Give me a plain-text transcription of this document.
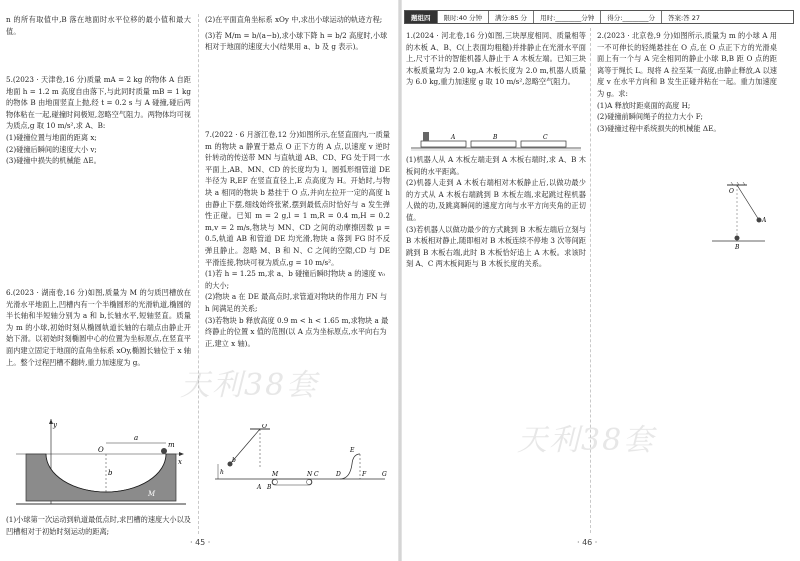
n 的所有取值中,B 落在地面时水平位移的最小值和最大值。

5.(2023 · 天津卷,16 分)质量 mA = 2 kg 的物体 A 自距地面 h = 1.2 m 高度自由落下,与此同时质量 mB = 1 kg 的物体 B 由地面竖直上抛,经 t = 0.2 s 与 A 碰撞,碰后两物体粘在一起,碰撞时间极短,忽略空气阻力。两物体均可视为质点,g 取 10 m/s²,求 A、B:

(1)碰撞位置与地面的距离 x;

(2)碰撞后瞬间的速度大小 v;

(3)碰撞中损失的机械能 ΔE。

6.(2023 · 湖南卷,16 分)如图,质量为 M 的匀质凹槽放在光滑水平地面上,凹槽内有一个半椭圆形的光滑轨道,椭圆的半长轴和半短轴分别为 a 和 b,长轴水平,短轴竖直。质量为 m 的小球,初始时刻从椭圆轨道长轴的右端点由静止开始下滑。以初始时刻椭圆中心的位置为坐标原点,在竖直平面内建立固定于地面的直角坐标系 xOy,椭圆长轴位于 x 轴上。整个过程凹槽不翻转,重力加速度为 g。

y
O
a
m
b
x
M

(1)小球第一次运动到轨道最低点时,求凹槽的速度大小以及凹槽相对于初始时刻运动的距离;

(2)在平面直角坐标系 xOy 中,求出小球运动的轨迹方程;

(3)若 M/m = b/(a−b),求小球下降 h = b/2 高度时,小球相对于地面的速度大小(结果用 a、b 及 g 表示)。

7.(2022 · 6 月浙江卷,12 分)如图所示,在竖直面内,一质量 m 的物块 a 静置于悬点 O 正下方的 A 点,以速度 v 逆时针转动的传送带 MN 与直轨道 AB、CD、FG 处于同一水平面上,AB、MN、CD 的长度均为 l。圆弧形细管道 DE 半径为 R,EF 在竖直直径上,E 点高度为 H。开始时,与物块 a 相同的物块 b 悬挂于 O 点,并向左拉开一定的高度 h 由静止下摆,细线始终张紧,摆到最低点时恰好与 a 发生弹性正碰。已知 m = 2 g,l = 1 m,R = 0.4 m,H = 0.2 m,v = 2 m/s,物块与 MN、CD 之间的动摩擦因数 μ = 0.5,轨道 AB 和管道 DE 均光滑,物块 a 落到 FG 时不反弹且静止。忽略 M、B 和 N、C 之间的空隙,CD 与 DE 平滑连接,物块可视为质点,g = 10 m/s²。

(1)若 h = 1.25 m,求 a、b 碰撞后瞬时物块 a 的速度 v₀ 的大小;

(2)物块 a 在 DE 最高点时,求管道对物块的作用力 FN 与 h 间满足的关系;

(3)若物块 b 释放高度 0.9 m < h < 1.65 m,求物块 a 最终静止的位置 x 值的范围(以 A 点为坐标原点,水平向右为正,建立 x 轴)。

O
h
b
A B
M	N C	D
E
F	G
天利38套
· 45 ·
题组四	限时:40 分钟	满分:85 分	用时:________分钟	得分:________分	答案:答 27

1.(2024 · 河北卷,16 分)如图,三块厚度相同、质量相等的木板 A、B、C(上表面均粗糙)并排静止在光滑水平面上,尺寸不计的智能机器人静止于 A 木板左端。已知三块木板质量均为 2.0 kg,A 木板长度为 2.0 m,机器人质量为 6.0 kg,重力加速度 g 取 10 m/s²,忽略空气阻力。

A	B	C

(1)机器人从 A 木板左端走到 A 木板右端时,求 A、B 木板间的水平距离。

(2)机器人走到 A 木板右端相对木板静止后,以做功最少的方式从 A 木板右端跳到 B 木板左端,求起跳过程机器人做的功,及跳离瞬间的速度方向与水平方向夹角的正切值。

(3)若机器人以做功最少的方式跳到 B 木板左端后立刻与 B 木板相对静止,随即相对 B 木板连续不停地 3 次等间距跳到 B 木板右端,此时 B 木板恰好追上 A 木板。求该时刻 A、C 两木板间距与 B 木板长度的关系。

2.(2023 · 北京卷,9 分)如图所示,质量为 m 的小球 A 用一不可伸长的轻绳悬挂在 O 点,在 O 点正下方的光滑桌面上有一个与 A 完全相同的静止小球 B,B 距 O 点的距离等于绳长 L。现将 A 拉至某一高度,由静止释放,A 以速度 v 在水平方向和 B 发生正碰并粘在一起。重力加速度为 g。求:

(1)A 释放时距桌面的高度 H;

(2)碰撞前瞬间绳子的拉力大小 F;

(3)碰撞过程中系统损失的机械能 ΔE。

O
A
B
天利38套
· 46 ·
